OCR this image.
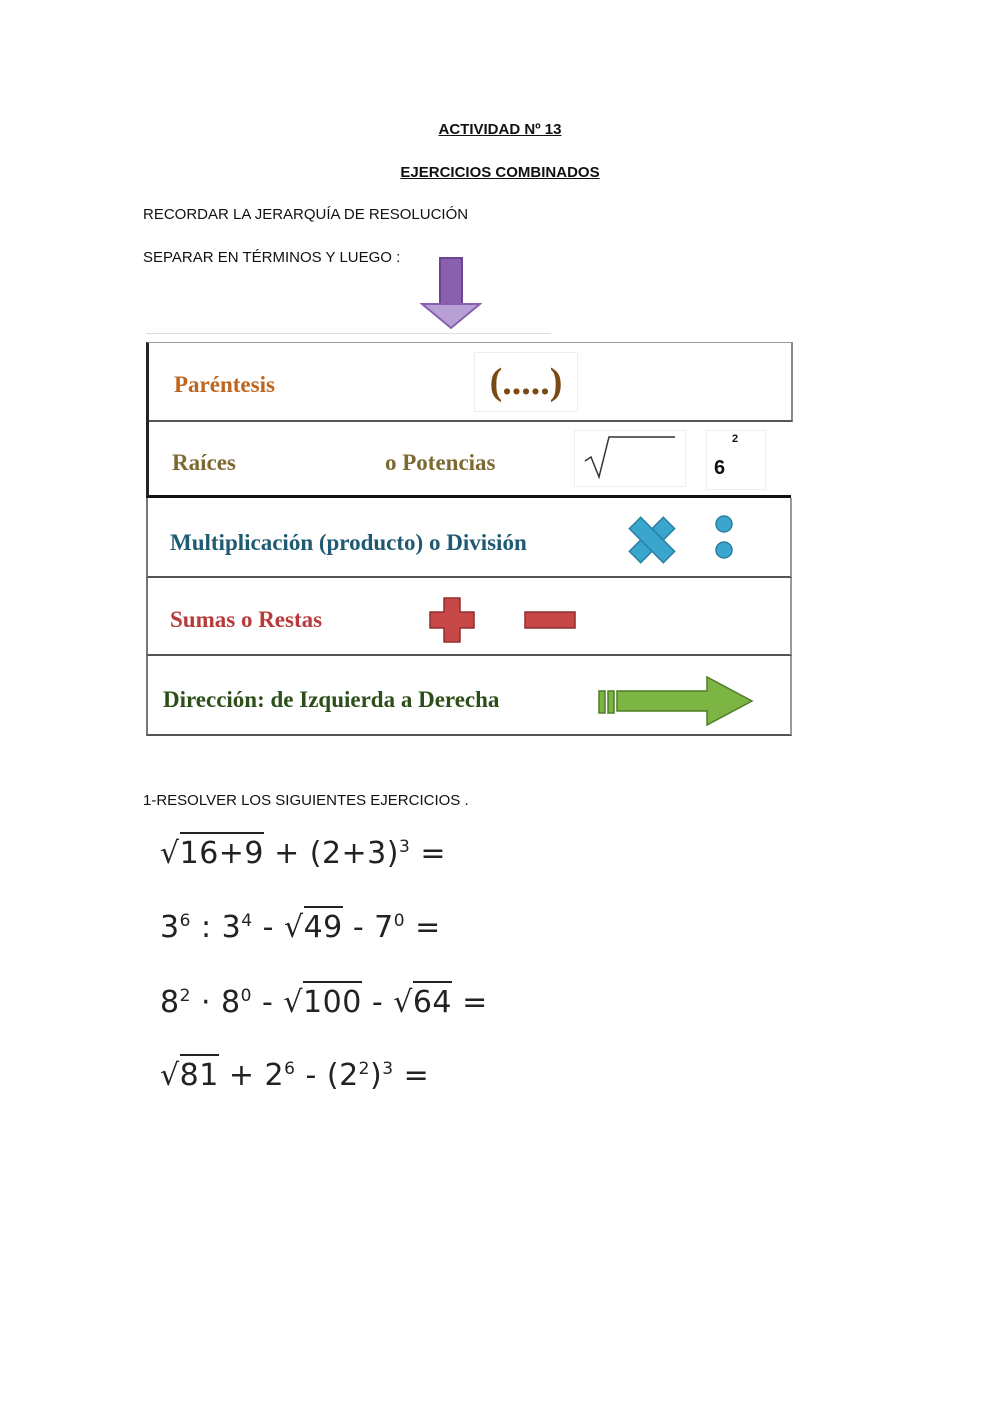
ACTIVIDAD Nº 13
EJERCICIOS COMBINADOS
RECORDAR LA JERARQUÍA DE RESOLUCIÓN
SEPARAR EN TÉRMINOS Y LUEGO :
Paréntesis	(.....)
Raíces	o Potencias
2
6
Multiplicación (producto) o División
Sumas o Restas
Dirección: de Izquierda a Derecha
1-RESOLVER LOS SIGUIENTES EJERCICIOS .
$√16+9 + (2+3)^3$ =
$3^6$ : $3^4 - √49 - 7^0$ =
$8^2 \cdot 8^0 - √100 - √64$ =
$√81 + 2^6 - (2^2)^3$ =
